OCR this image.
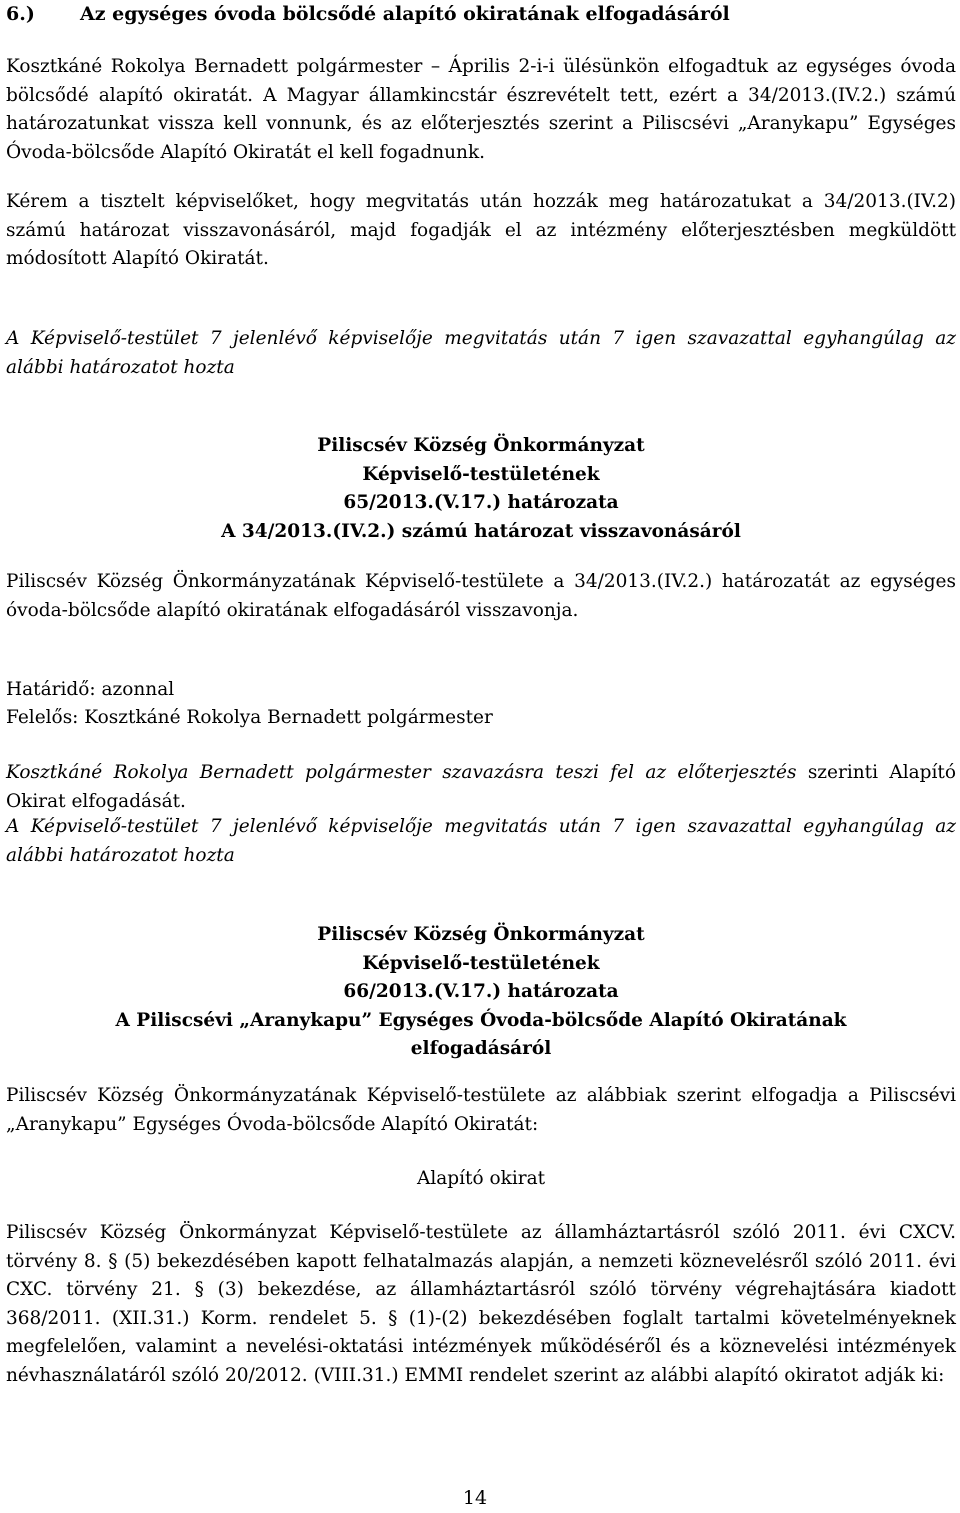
6.) Az egységes óvoda bölcsődé alapító okiratának elfogadásáról

Kosztkáné Rokolya Bernadett polgármester – Április 2-i-i ülésünkön elfogadtuk az egységes óvoda bölcsődé alapító okiratát. A Magyar államkincstár észrevételt tett, ezért a 34/2013.(IV.2.) számú határozatunkat vissza kell vonnunk, és az előterjesztés szerint a Piliscsévi „Aranykapu” Egységes Óvoda-bölcsőde Alapító Okiratát el kell fogadnunk.

Kérem a tisztelt képviselőket, hogy megvitatás után hozzák meg határozatukat a 34/2013.(IV.2) számú határozat visszavonásáról, majd fogadják el az intézmény előterjesztésben megküldött módosított Alapító Okiratát.

A Képviselő-testület 7 jelenlévő képviselője megvitatás után 7 igen szavazattal egyhangúlag az alábbi határozatot hozta

Piliscsév Község Önkormányzat
Képviselő-testületének
65/2013.(V.17.) határozata
A 34/2013.(IV.2.) számú határozat visszavonásáról

Piliscsév Község Önkormányzatának Képviselő-testülete a 34/2013.(IV.2.) határozatát az egységes óvoda-bölcsőde alapító okiratának elfogadásáról visszavonja.

Határidő: azonnal

Felelős: Kosztkáné Rokolya Bernadett polgármester

Kosztkáné Rokolya Bernadett polgármester szavazásra teszi fel az előterjesztés szerinti Alapító Okirat elfogadását.

A Képviselő-testület 7 jelenlévő képviselője megvitatás után 7 igen szavazattal egyhangúlag az alábbi határozatot hozta

Piliscsév Község Önkormányzat
Képviselő-testületének
66/2013.(V.17.) határozata
A Piliscsévi „Aranykapu” Egységes Óvoda-bölcsőde Alapító Okiratának
elfogadásáról

Piliscsév Község Önkormányzatának Képviselő-testülete az alábbiak szerint elfogadja a Piliscsévi „Aranykapu” Egységes Óvoda-bölcsőde Alapító Okiratát:

Alapító okirat

Piliscsév Község Önkormányzat Képviselő-testülete az államháztartásról szóló 2011. évi CXCV. törvény 8. § (5) bekezdésében kapott felhatalmazás alapján, a nemzeti köznevelésről szóló 2011. évi CXC. törvény 21. § (3) bekezdése, az államháztartásról szóló törvény végrehajtására kiadott 368/2011. (XII.31.) Korm. rendelet 5. § (1)-(2) bekezdésében foglalt tartalmi követelményeknek megfelelően, valamint a nevelési-oktatási intézmények működéséről és a köznevelési intézmények névhasználatáról szóló 20/2012. (VIII.31.) EMMI rendelet szerint az alábbi alapító okiratot adják ki:

14
